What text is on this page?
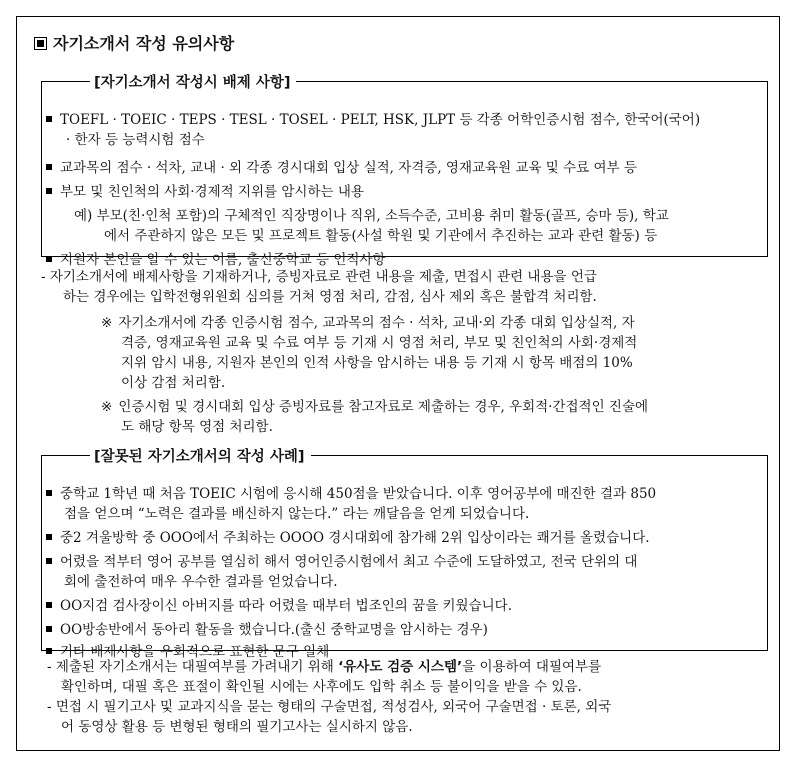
자기소개서 작성 유의사항
[자기소개서 작성시 배제 사항]
TOEFL · TOEIC · TEPS · TESL · TOSEL · PELT, HSK, JLPT 등 각종 어학인증시험 점수, 한국어(국어)
· 한자 등 능력시험 점수
교과목의 점수 · 석차, 교내 · 외 각종 경시대회 입상 실적, 자격증, 영재교육원 교육 및 수료 여부 등
부모 및 친인척의 사회·경제적 지위를 암시하는 내용
예) 부모(친·인척 포함)의 구체적인 직장명이나 직위, 소득수준, 고비용 취미 활동(골프, 승마 등), 학교
에서 주관하지 않은 모든 및 프로젝트 활동(사설 학원 및 기관에서 추진하는 교과 관련 활동) 등
지원자 본인을 알 수 있는 이름, 출신중학교 등 인적사항
- 자기소개서에 배제사항을 기재하거나, 증빙자료로 관련 내용을 제출, 면접시 관련 내용을 언급
하는 경우에는 입학전형위원회 심의를 거쳐 영점 처리, 감점, 심사 제외 혹은 불합격 처리함.
※ 자기소개서에 각종 인증시험 점수, 교과목의 점수 · 석차, 교내·외 각종 대회 입상실적, 자
격증, 영재교육원 교육 및 수료 여부 등 기재 시 영점 처리, 부모 및 친인척의 사회·경제적
지위 암시 내용, 지원자 본인의 인적 사항을 암시하는 내용 등 기재 시 항목 배점의 10%
이상 감점 처리함.
※ 인증시험 및 경시대회 입상 증빙자료를 참고자료로 제출하는 경우, 우회적·간접적인 진술에
도 해당 항목 영점 처리함.
[잘못된 자기소개서의 작성 사례]
중학교 1학년 때 처음 TOEIC 시험에 응시해 450점을 받았습니다. 이후 영어공부에 매진한 결과 850
점을 얻으며 “노력은 결과를 배신하지 않는다.” 라는 깨달음을 얻게 되었습니다.
중2 겨울방학 중 OOO에서 주최하는 OOOO 경시대회에 참가해 2위 입상이라는 쾌거를 올렸습니다.
어렸을 적부터 영어 공부를 열심히 해서 영어인증시험에서 최고 수준에 도달하였고, 전국 단위의 대
회에 출전하여 매우 우수한 결과를 얻었습니다.
OO지검 검사장이신 아버지를 따라 어렸을 때부터 법조인의 꿈을 키웠습니다.
OO방송반에서 동아리 활동을 했습니다.(출신 중학교명을 암시하는 경우)
기타 배제사항을 우회적으로 표현한 문구 일체
- 제출된 자기소개서는 대필여부를 가려내기 위해 ‘유사도 검증 시스템’을 이용하여 대필여부를
확인하며, 대필 혹은 표절이 확인될 시에는 사후에도 입학 취소 등 불이익을 받을 수 있음.
- 면접 시 필기고사 및 교과지식을 묻는 형태의 구술면접, 적성검사, 외국어 구술면접 · 토론, 외국
어 동영상 활용 등 변형된 형태의 필기고사는 실시하지 않음.
